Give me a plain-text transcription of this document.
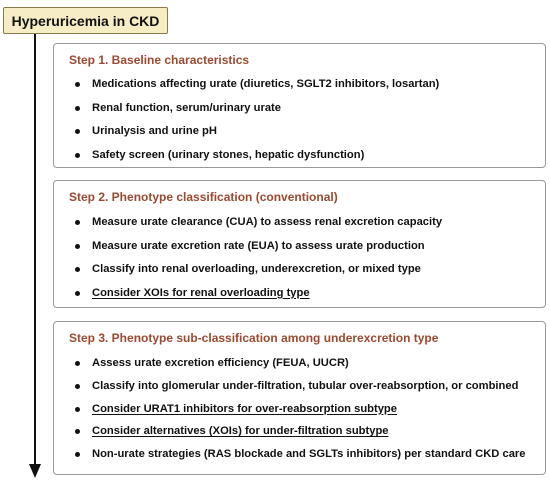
Hyperuricemia in CKD
Step 1. Baseline characteristics
Medications affecting urate (diuretics, SGLT2 inhibitors, losartan)
Renal function, serum/urinary urate
Urinalysis and urine pH
Safety screen (urinary stones, hepatic dysfunction)
Step 2. Phenotype classification (conventional)
Measure urate clearance (CUA) to assess renal excretion capacity
Measure urate excretion rate (EUA) to assess urate production
Classify into renal overloading, underexcretion, or mixed type
Consider XOIs for renal overloading type
Step 3. Phenotype sub-classification among underexcretion type
Assess urate excretion efficiency (FEUA, UUCR)
Classify into glomerular under-filtration, tubular over-reabsorption, or combined
Consider URAT1 inhibitors for over-reabsorption subtype
Consider alternatives (XOIs) for under-filtration subtype
Non-urate strategies (RAS blockade and SGLTs inhibitors) per standard CKD care
